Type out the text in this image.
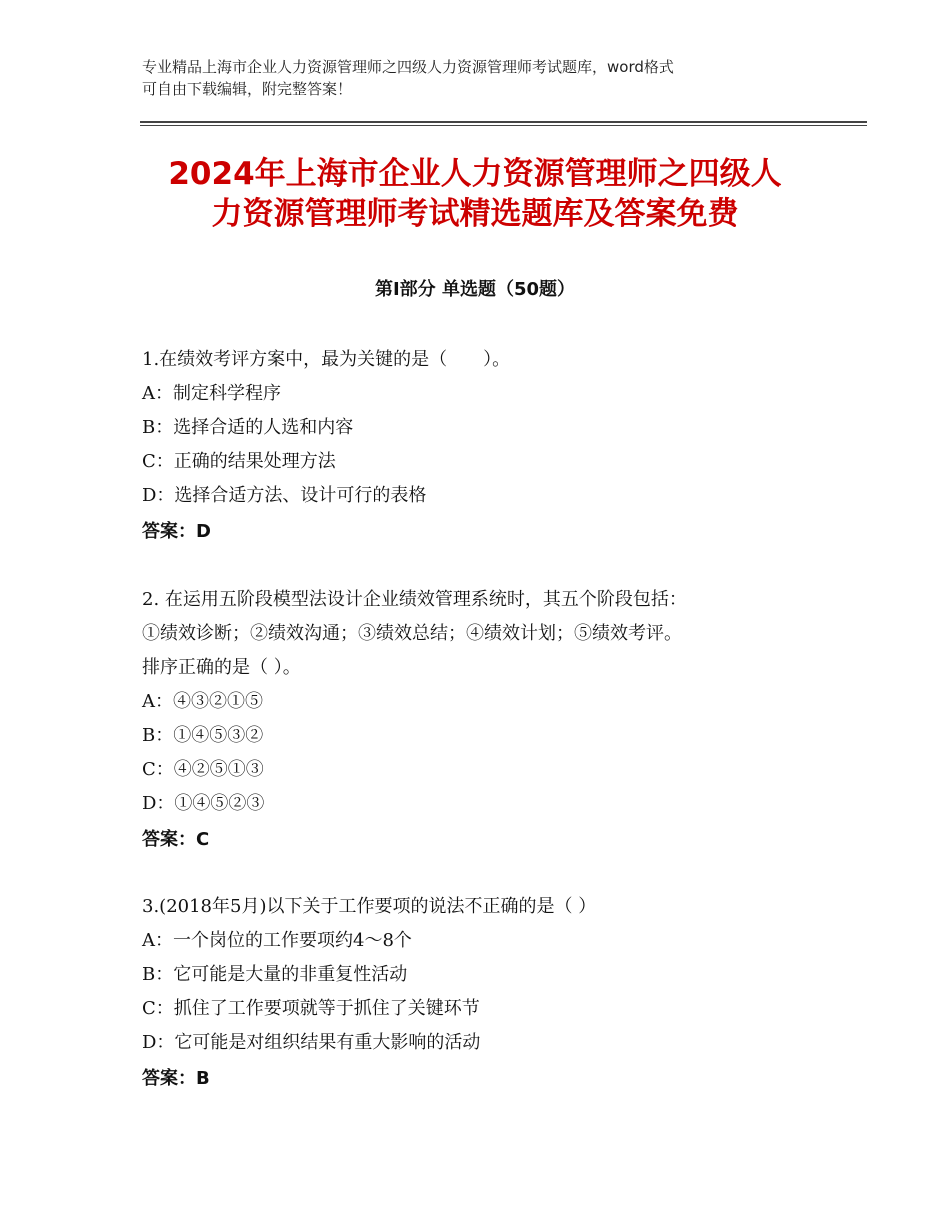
专业精品上海市企业人力资源管理师之四级人力资源管理师考试题库，word格式
可自由下载编辑，附完整答案！
2024年上海市企业人力资源管理师之四级人
力资源管理师考试精选题库及答案免费
第Ⅰ部分 单选题（50题）
1.在绩效考评方案中，最为关键的是（　　）。
A：制定科学程序
B：选择合适的人选和内容
C：正确的结果处理方法
D：选择合适方法、设计可行的表格
答案：D
2. 在运用五阶段模型法设计企业绩效管理系统时，其五个阶段包括：
①绩效诊断；②绩效沟通；③绩效总结；④绩效计划；⑤绩效考评。
排序正确的是（ ）。
A：④③②①⑤
B：①④⑤③②
C：④②⑤①③
D：①④⑤②③
答案：C
3.(2018年5月)以下关于工作要项的说法不正确的是（ ）
A：一个岗位的工作要项约4～8个
B：它可能是大量的非重复性活动
C：抓住了工作要项就等于抓住了关键环节
D：它可能是对组织结果有重大影响的活动
答案：B
